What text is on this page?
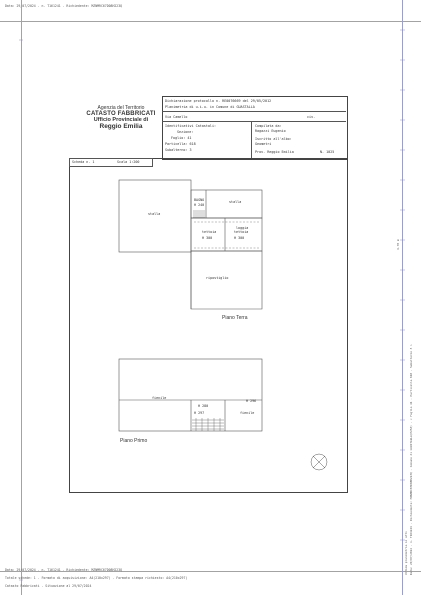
Data: 29/07/2024 - n. T161241 - Richiedente: MZNMRC67D08H223Q
4.70 m
Ultima planimetria in atti Data: 29/07/2024 - n. T161241 - Richiedente: MZNMRC67D08H223Q - Comune di GUASTALLA(E253) - < Foglio 41 - Particella 618 - Subalterno 3 >
Agenzia del Territorio
CATASTO FABBRICATI
Ufficio Provinciale di
Reggio Emilia
Dichiarazione protocollo n. RE0076669 del 29/05/2012
Planimetria di u.i.u. in Comune di GUASTALLA
Via Camello	civ.
Identificativi Catastali:
Sezione:
Foglio: 41
Particella: 618
Subalterno: 3
Compilata da:
Ragazzi Eugenio
Iscritto all'albo:
Geometri
Prov. Reggio Emilia	N. 1025
Scheda n. 1	Scala 1:200
stalla
BAGNO
H 240
stalla
loggia
tettoia
H 300
tettoia
H 300
ripostiglio
Piano Terra
fienile
H 280
fienile
H 297
H 296
Piano Primo
Data: 29/07/2024 - n. T161241 - Richiedente: MZNMRC67D08H223Q
Totale schede: 1 - Formato di acquisizione: A4(210x297) - Formato stampa richiesto: A4(210x297)
Catasto Fabbricati - Situazione al 29/07/2024
